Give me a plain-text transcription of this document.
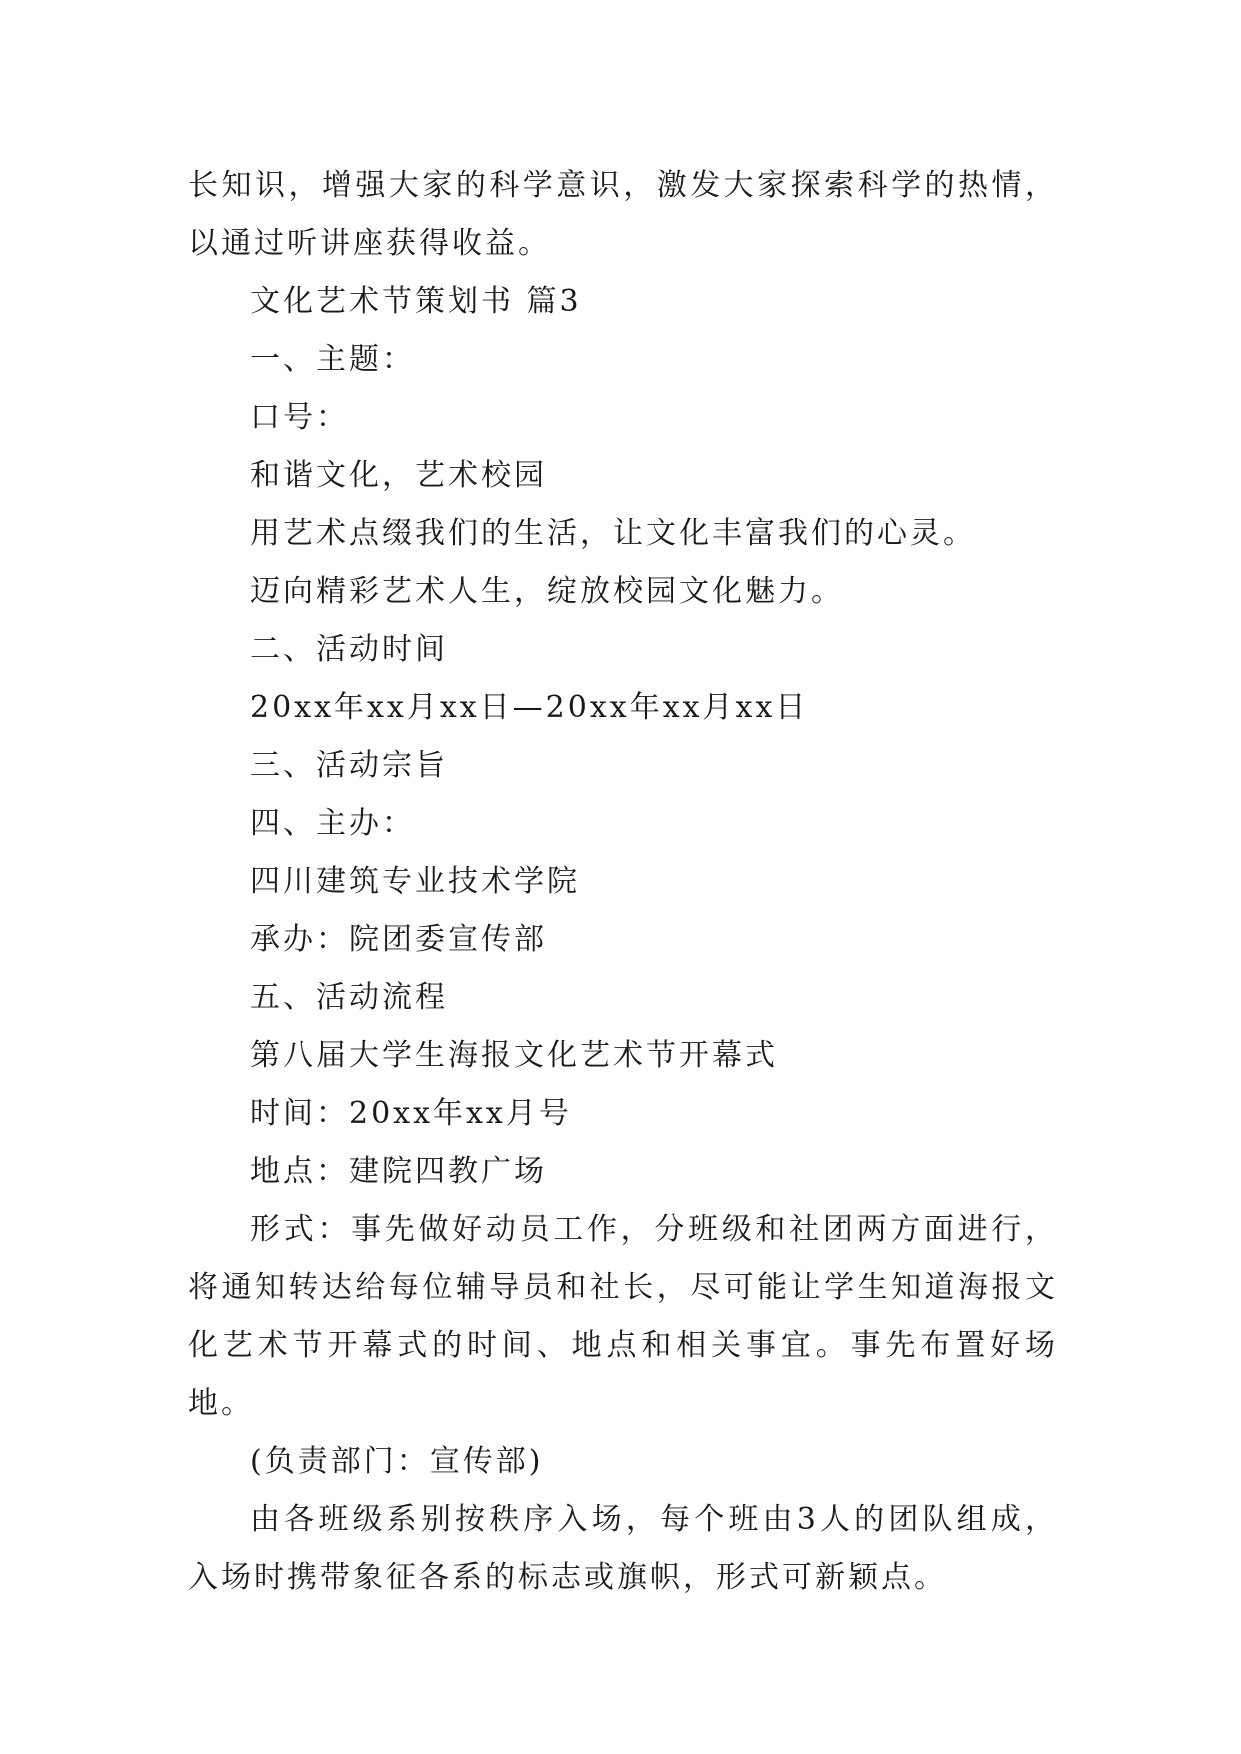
长知识，增强大家的科学意识，激发大家探索科学的热情，以通过听讲座获得收益。

文化艺术节策划书 篇3

一、主题：

口号：

和谐文化，艺术校园

用艺术点缀我们的生活，让文化丰富我们的心灵。

迈向精彩艺术人生，绽放校园文化魅力。

二、活动时间

20xx年xx月xx日—20xx年xx月xx日

三、活动宗旨

四、主办：

四川建筑专业技术学院

承办：院团委宣传部

五、活动流程

第八届大学生海报文化艺术节开幕式

时间：20xx年xx月号

地点：建院四教广场

形式：事先做好动员工作，分班级和社团两方面进行，将通知转达给每位辅导员和社长，尽可能让学生知道海报文化艺术节开幕式的时间、地点和相关事宜。事先布置好场地。

(负责部门：宣传部)

由各班级系别按秩序入场，每个班由3人的团队组成，入场时携带象征各系的标志或旗帜，形式可新颖点。
